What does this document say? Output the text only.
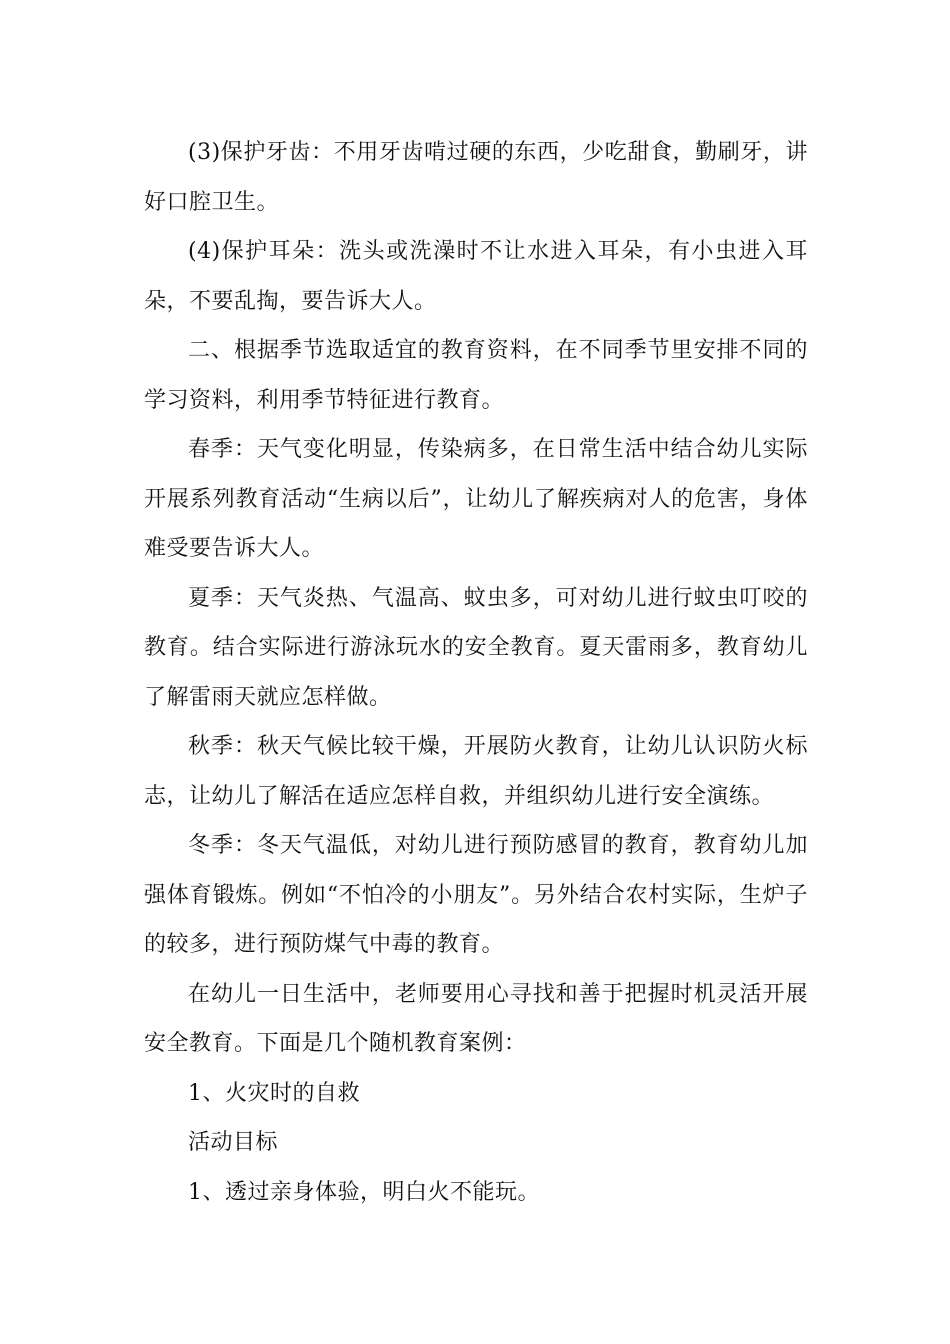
(3)保护牙齿：不用牙齿啃过硬的东西，少吃甜食，勤刷牙，讲好口腔卫生。

(4)保护耳朵：洗头或洗澡时不让水进入耳朵，有小虫进入耳朵，不要乱掏，要告诉大人。

二、根据季节选取适宜的教育资料，在不同季节里安排不同的学习资料，利用季节特征进行教育。

春季：天气变化明显，传染病多，在日常生活中结合幼儿实际开展系列教育活动“生病以后”，让幼儿了解疾病对人的危害，身体难受要告诉大人。

夏季：天气炎热、气温高、蚊虫多，可对幼儿进行蚊虫叮咬的教育。结合实际进行游泳玩水的安全教育。夏天雷雨多，教育幼儿了解雷雨天就应怎样做。

秋季：秋天气候比较干燥，开展防火教育，让幼儿认识防火标志，让幼儿了解活在适应怎样自救，并组织幼儿进行安全演练。

冬季：冬天气温低，对幼儿进行预防感冒的教育，教育幼儿加强体育锻炼。例如“不怕冷的小朋友”。另外结合农村实际，生炉子的较多，进行预防煤气中毒的教育。

在幼儿一日生活中，老师要用心寻找和善于把握时机灵活开展安全教育。下面是几个随机教育案例：

1、火灾时的自救

活动目标

1、透过亲身体验，明白火不能玩。
